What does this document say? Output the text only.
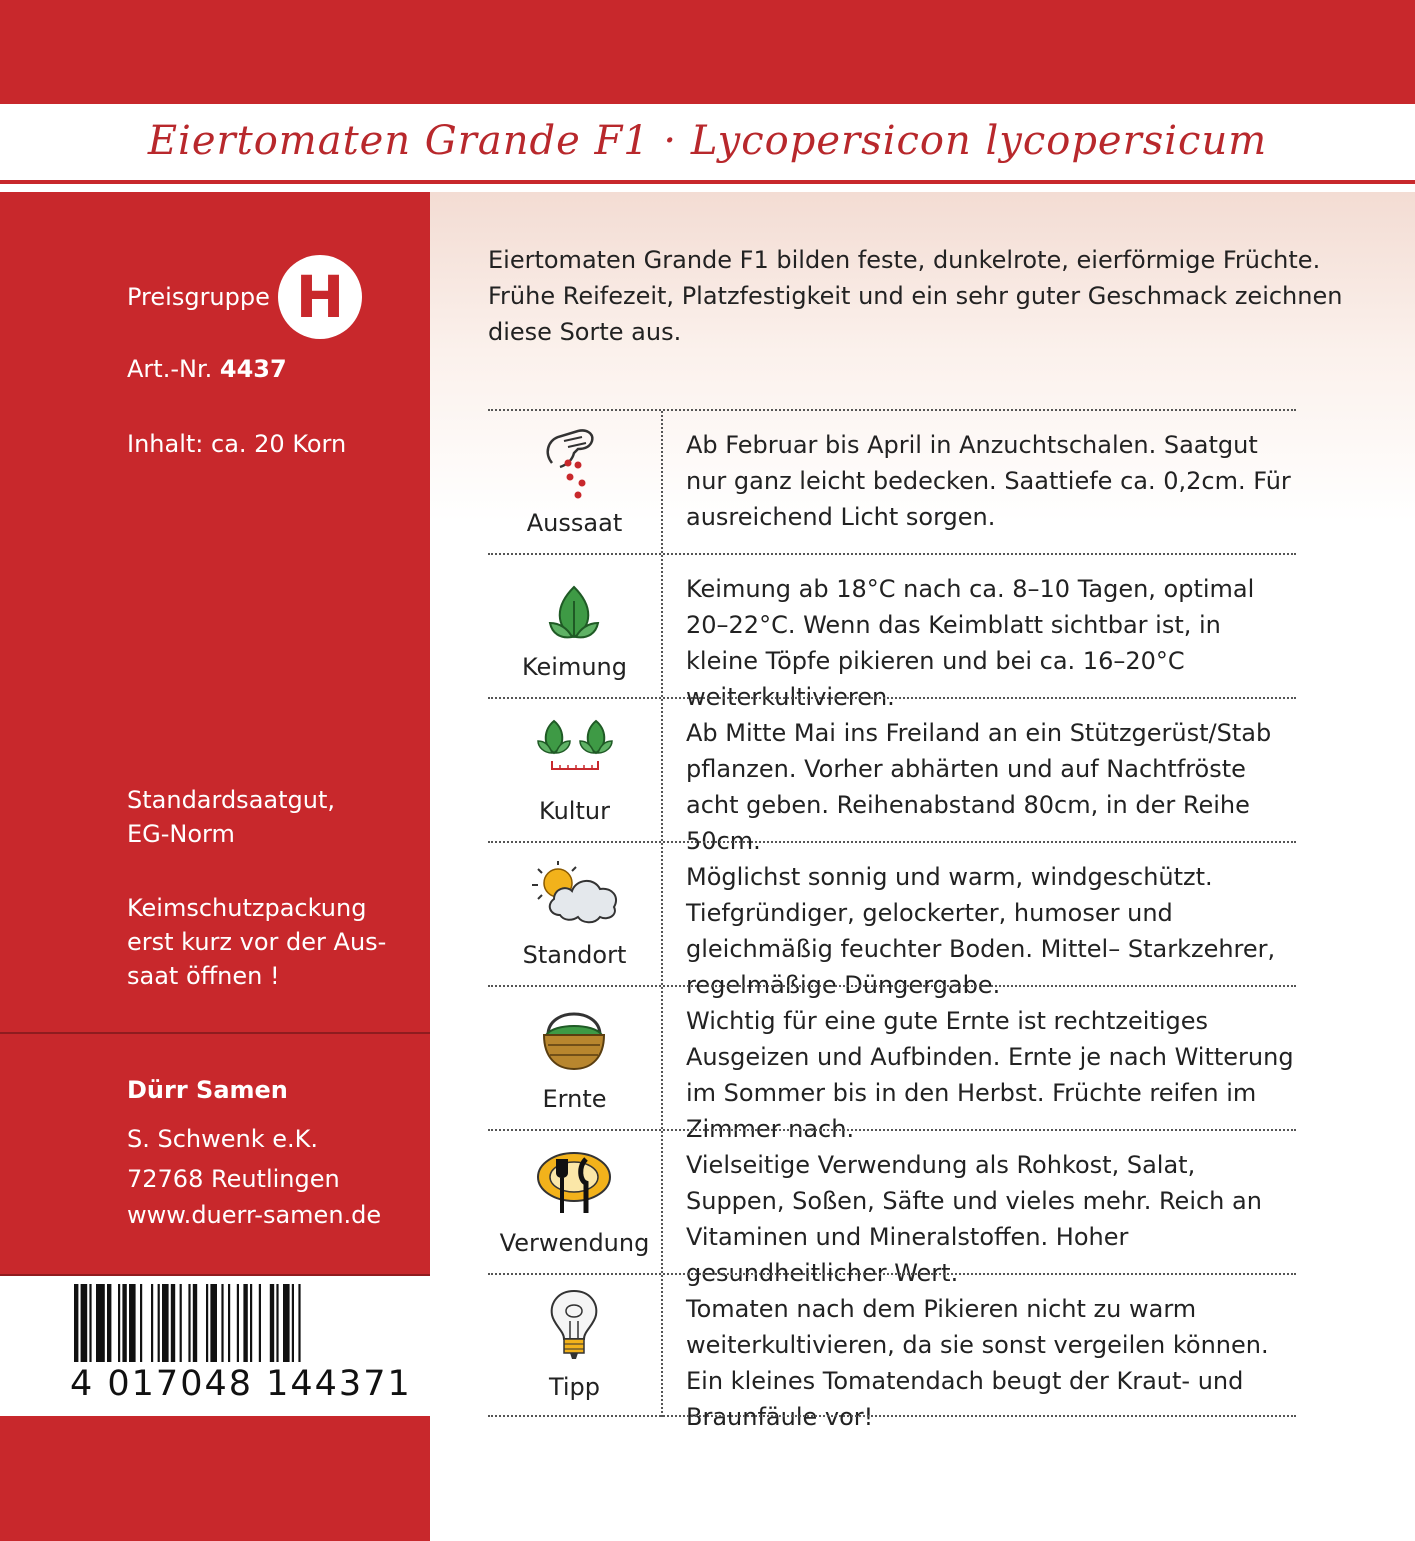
Eiertomaten Grande F1 · Lycopersicon lycopersicum
Preisgruppe H
Art.-Nr. 4437
Inhalt: ca. 20 Korn
Standardsaatgut,
EG-Norm
Keimschutzpackung
erst kurz vor der Aus-
saat öffnen !
Dürr Samen
S. Schwenk e.K.
72768 Reutlingen
www.duerr-samen.de
4 017048 144371
Eiertomaten Grande F1 bilden feste, dunkelrote, eierförmige Früchte. Frühe Reifezeit, Platzfestigkeit und ein sehr guter Geschmack zeichnen diese Sorte aus.
Aussaat
Ab Februar bis April in Anzuchtschalen. Saatgut nur ganz leicht bedecken. Saattiefe ca. 0,2cm. Für ausreichend Licht sorgen.
Keimung
Keimung ab 18°C nach ca. 8–10 Tagen, optimal 20–22°C. Wenn das Keimblatt sichtbar ist, in kleine Töpfe pikieren und bei ca. 16–20°C weiterkultivieren.
Kultur
Ab Mitte Mai ins Freiland an ein Stützgerüst/Stab pflanzen. Vorher abhärten und auf Nachtfröste acht geben. Reihenabstand 80cm, in der Reihe 50cm.
Standort
Möglichst sonnig und warm, windgeschützt. Tiefgründiger, gelockerter, humoser und gleichmäßig feuchter Boden. Mittel– Starkzehrer, regelmäßige Düngergabe.
Ernte
Wichtig für eine gute Ernte ist rechtzeitiges Ausgeizen und Aufbinden. Ernte je nach Witterung im Sommer bis in den Herbst. Früchte reifen im Zimmer nach.
Verwendung
Vielseitige Verwendung als Rohkost, Salat, Suppen, Soßen, Säfte und vieles mehr. Reich an Vitaminen und Mineralstoffen. Hoher gesundheitlicher Wert.
Tipp
Tomaten nach dem Pikieren nicht zu warm weiterkultivieren, da sie sonst vergeilen können. Ein kleines Tomatendach beugt der Kraut- und Braunfäule vor!
